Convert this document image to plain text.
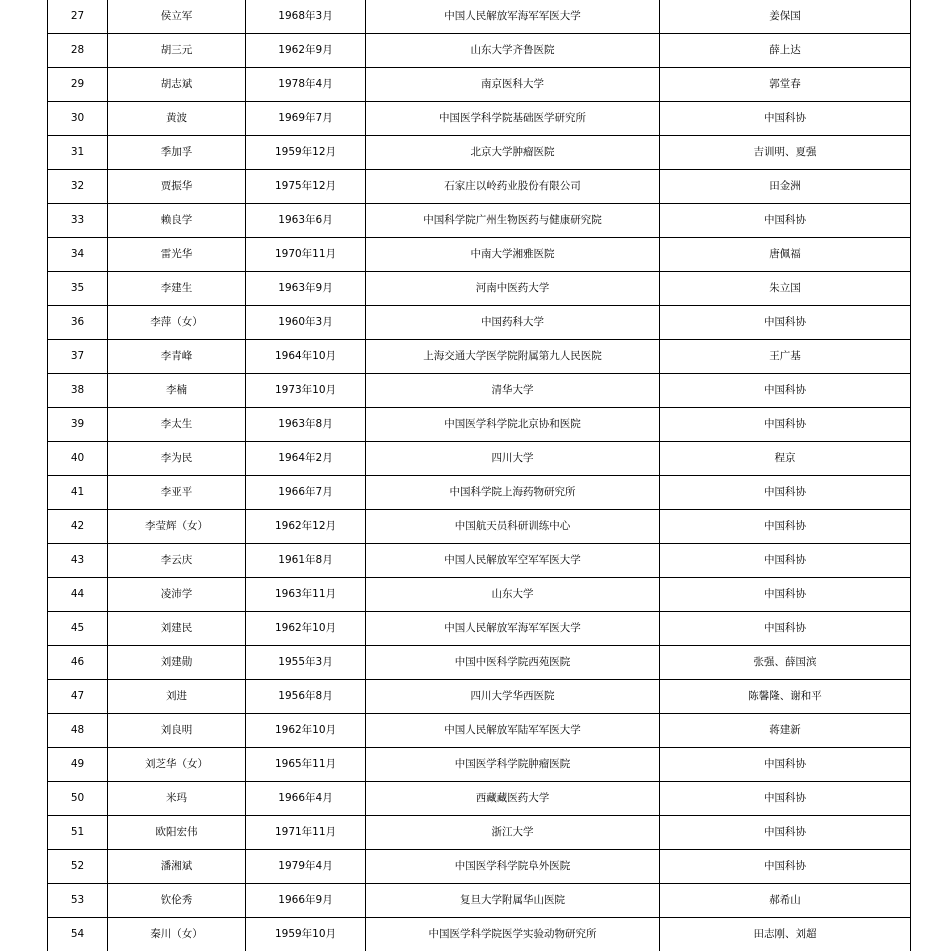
27	侯立军	1968年3月	中国人民解放军海军军医大学	姜保国
28	胡三元	1962年9月	山东大学齐鲁医院	薛上达
29	胡志斌	1978年4月	南京医科大学	郭堂春
30	黄波	1969年7月	中国医学科学院基础医学研究所	中国科协
31	季加孚	1959年12月	北京大学肿瘤医院	吉训明、夏强
32	贾振华	1975年12月	石家庄以岭药业股份有限公司	田金洲
33	赖良学	1963年6月	中国科学院广州生物医药与健康研究院	中国科协
34	雷光华	1970年11月	中南大学湘雅医院	唐佩福
35	李建生	1963年9月	河南中医药大学	朱立国
36	李萍（女）	1960年3月	中国药科大学	中国科协
37	李青峰	1964年10月	上海交通大学医学院附属第九人民医院	王广基
38	李楠	1973年10月	清华大学	中国科协
39	李太生	1963年8月	中国医学科学院北京协和医院	中国科协
40	李为民	1964年2月	四川大学	程京
41	李亚平	1966年7月	中国科学院上海药物研究所	中国科协
42	李莹辉（女）	1962年12月	中国航天员科研训练中心	中国科协
43	李云庆	1961年8月	中国人民解放军空军军医大学	中国科协
44	凌沛学	1963年11月	山东大学	中国科协
45	刘建民	1962年10月	中国人民解放军海军军医大学	中国科协
46	刘建勋	1955年3月	中国中医科学院西苑医院	张强、薛国滨
47	刘进	1956年8月	四川大学华西医院	陈馨隆、谢和平
48	刘良明	1962年10月	中国人民解放军陆军军医大学	蒋建新
49	刘芝华（女）	1965年11月	中国医学科学院肿瘤医院	中国科协
50	米玛	1966年4月	西藏藏医药大学	中国科协
51	欧阳宏伟	1971年11月	浙江大学	中国科协
52	潘湘斌	1979年4月	中国医学科学院阜外医院	中国科协
53	钦伦秀	1966年9月	复旦大学附属华山医院	郝希山
54	秦川（女）	1959年10月	中国医学科学院医学实验动物研究所	田志刚、刘超
